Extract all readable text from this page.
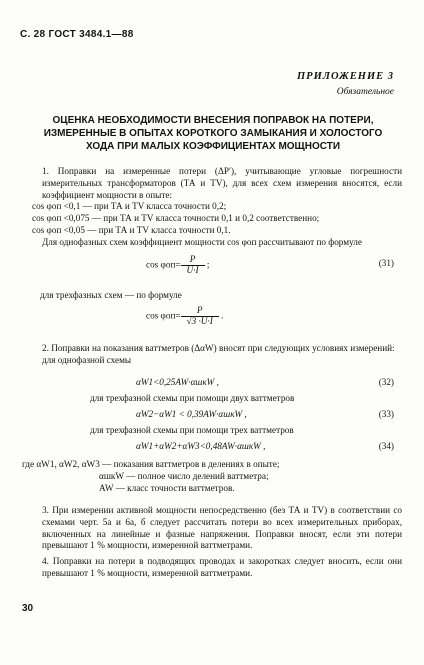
С. 28 ГОСТ 3484.1—88
ПРИЛОЖЕНИЕ 3
Обязательное
ОЦЕНКА НЕОБХОДИМОСТИ ВНЕСЕНИЯ ПОПРАВОК НА ПОТЕРИ,
ИЗМЕРЕННЫЕ В ОПЫТАХ КОРОТКОГО ЗАМЫКАНИЯ И ХОЛОСТОГО
ХОДА ПРИ МАЛЫХ КОЭФФИЦИЕНТАХ МОЩНОСТИ
1. Поправки на измеренные потери (ΔP′), учитывающие угловые погрешности измерительных трансформаторов (ТА и TV), для всех схем измерения вносятся, если коэффициент мощности в опыте:
cos φоп <0,1 — при ТА и TV класса точности 0,2;
cos φоп <0,075 — при ТА и TV класса точности 0,1 и 0,2 соответственно;
cos φоп <0,05 — при ТА и TV класса точности 0,1.
Для однофазных схем коэффициент мощности cos φоп рассчитывают по формуле
$\cos \varphi оп= \frac{P}{U\cdot I}$ ;	(31)
для трехфазных схем — по формуле
$\cos \varphi оп= \frac{P}{√3 \cdot U\cdot I}$ .
2. Поправки на показания ваттметров (ΔαW) вносят при следующих условиях измерений:
для однофазной схемы
αW1<0,25AW·αшкW ,	(32)
для трехфазной схемы при помощи двух ваттметров
αW2−αW1 < 0,39AW·αшкW ,	(33)
для трехфазной схемы при помощи трех ваттметров
αW1+αW2+αW3<0,48AW·αшкW ,	(34)
где αW1, αW2, αW3 — показания ваттметров в делениях в опыте;
αшкW — полное число делений ваттметра;
AW — класс точности ваттметров.
3. При измерении активной мощности непосредственно (без ТА и TV) в соответствии со схемами черт. 5а и 6а, б следует рассчитать потери во всех измерительных приборах, включенных на линейные и фазные напряжения. Поправки вносят, если эти потери превышают 1 % мощности, измеренной ваттметрами.
4. Поправки на потери в подводящих проводах и закоротках следует вносить, если они превышают 1 % мощности, измеренной ваттметрами.
30
